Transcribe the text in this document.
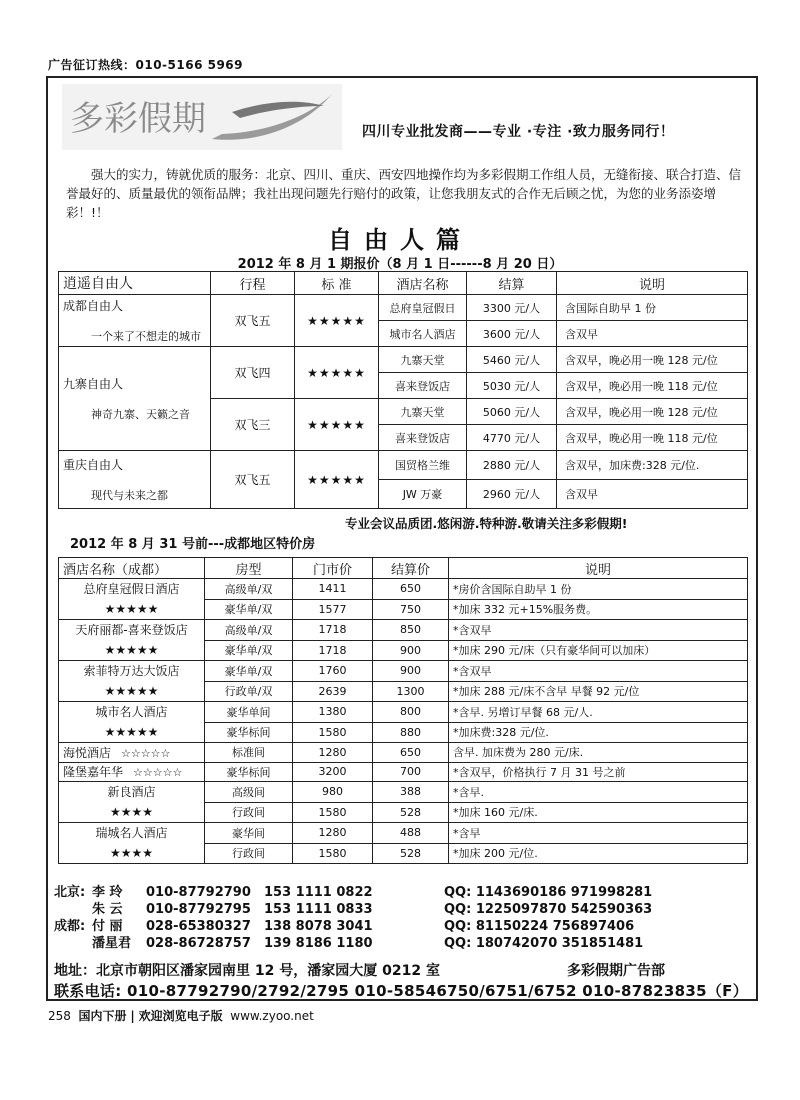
广告征订热线：010-5166 5969
多彩假期	四川专业批发商——专业 ·专注 ·致力服务同行！
强大的实力，铸就优质的服务：北京、四川、重庆、西安四地操作均为多彩假期工作组人员，无缝衔接、联合打造、信誉最好的、质量最优的领衔品牌；我社出现问题先行赔付的政策，让您我朋友式的合作无后顾之忧，为您的业务添姿增彩！!！
自由人篇
2012 年 8 月 1 期报价（8 月 1 日------8 月 20 日）
逍遥自由人	行程	标 准	酒店名称	结算	说明

成都自由人

一个来了不想走的城市	双飞五	★★★★★	总府皇冠假日	3300 元/人	含国际自助早 1 份
			城市名人酒店	3600 元/人	含双早

九寨自由人

神奇九寨、天籁之音	双飞四	★★★★★	九寨天堂	5460 元/人	含双早，晚必用一晚 128 元/位
			喜来登饭店	5030 元/人	含双早，晚必用一晚 118 元/位
	双飞三	★★★★★	九寨天堂	5060 元/人	含双早，晚必用一晚 128 元/位
			喜来登饭店	4770 元/人	含双早，晚必用一晚 118 元/位

重庆自由人

现代与未来之都	双飞五	★★★★★	国贸格兰维	2880 元/人	含双早，加床费:328 元/位.
			JW 万豪	2960 元/人	含双早
专业会议品质团.悠闲游.特种游.敬请关注多彩假期!
2012 年 8 月 31 号前---成都地区特价房
酒店名称（成都）	房型	门市价	结算价	说明

总府皇冠假日酒店
★★★★★	高级单/双	1411	650	*房价含国际自助早 1 份
	豪华单/双	1577	750	*加床 332 元+15%服务费。

天府丽都-喜来登饭店
★★★★★	高级单/双	1718	850	*含双早
	豪华单/双	1718	900	*加床 290 元/床（只有豪华间可以加床）

索菲特万达大饭店
★★★★★	豪华单/双	1760	900	*含双早
	行政单/双	2639	1300	*加床 288 元/床不含早 早餐 92 元/位

城市名人酒店
★★★★★	豪华单间	1380	800	*含早. 另增订早餐 68 元/人.
	豪华标间	1580	880	*加床费:328 元/位.
海悦酒店 ☆☆☆☆☆	标准间	1280	650	含早. 加床费为 280 元/床.
隆堡嘉年华 ☆☆☆☆☆	豪华标间	3200	700	*含双早，价格执行 7 月 31 号之前

新良酒店
★★★★	高级间	980	388	*含早.
	行政间	1580	528	*加床 160 元/床.

瑞城名人酒店
★★★★	豪华间	1280	488	*含早
	行政间	1580	528	*加床 200 元/位.
北京: 李 玲 010-87792790 153 1111 0822	QQ: 1143690186 971998281
朱 云 010-87792795 153 1111 0833	QQ: 1225097870 542590363
成都: 付 丽 028-65380327 138 8078 3041	QQ: 81150224 756897406
潘星君 028-86728757 139 8186 1180	QQ: 180742070 351851481
地址：北京市朝阳区潘家园南里 12 号，潘家园大厦 0212 室	多彩假期广告部
联系电话: 010-87792790/2792/2795 010-58546750/6751/6752 010-87823835（F）
258 国内下册 | 欢迎浏览电子版 www.zyoo.net
